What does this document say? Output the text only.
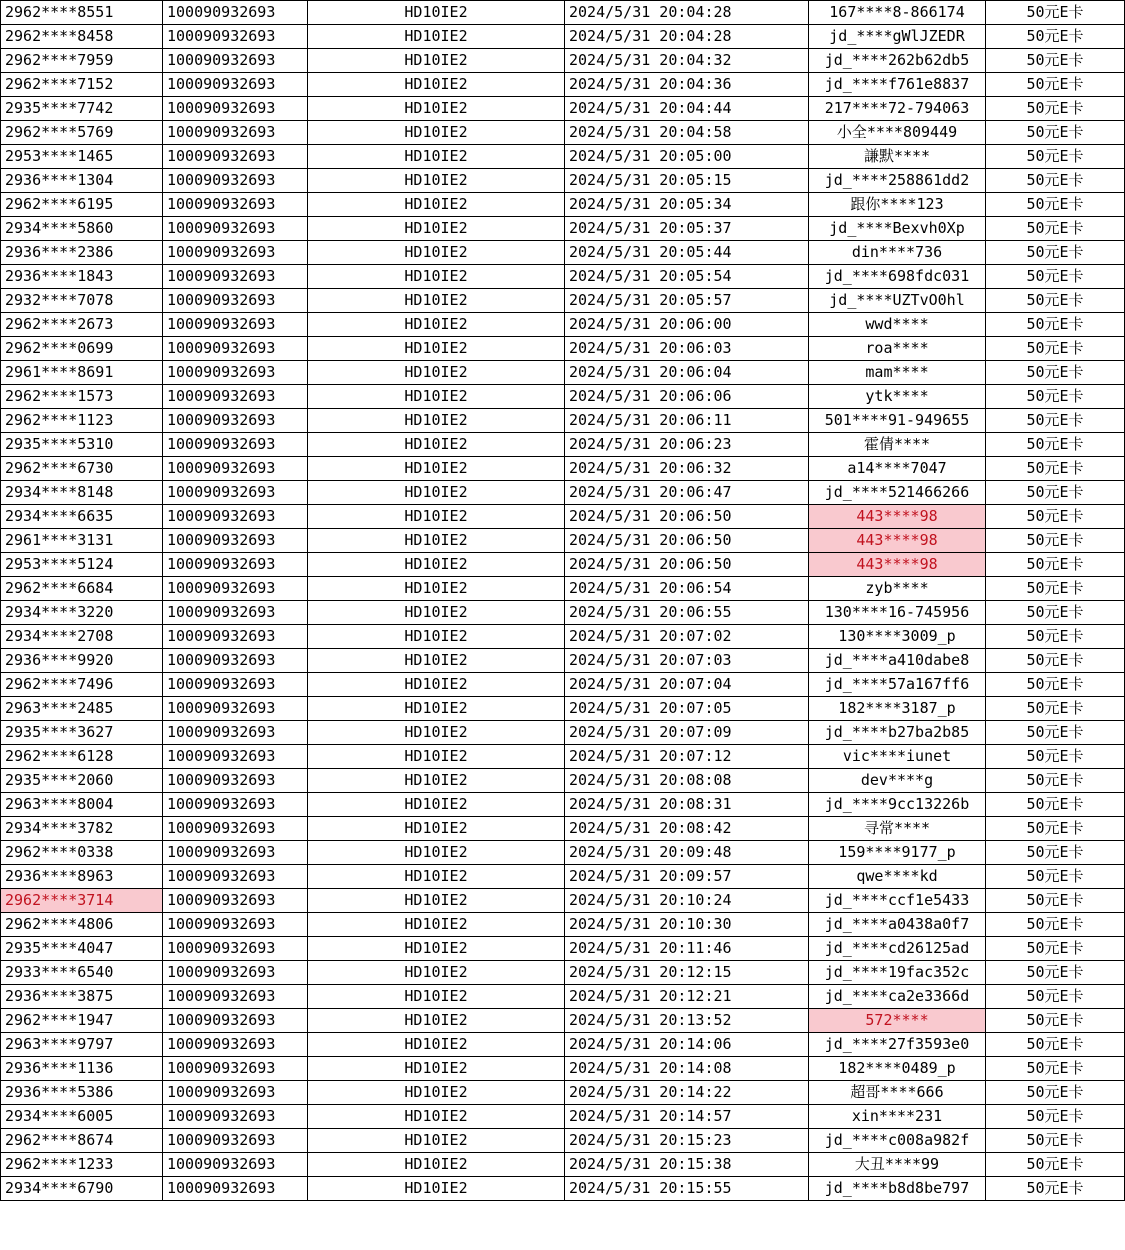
2962****8551	100090932693	HD10IE2	2024/5/31 20:04:28	167****8-866174	50元E卡
2962****8458	100090932693	HD10IE2	2024/5/31 20:04:28	jd_****gWlJZEDR	50元E卡
2962****7959	100090932693	HD10IE2	2024/5/31 20:04:32	jd_****262b62db5	50元E卡
2962****7152	100090932693	HD10IE2	2024/5/31 20:04:36	jd_****f761e8837	50元E卡
2935****7742	100090932693	HD10IE2	2024/5/31 20:04:44	217****72-794063	50元E卡
2962****5769	100090932693	HD10IE2	2024/5/31 20:04:58	小全****809449	50元E卡
2953****1465	100090932693	HD10IE2	2024/5/31 20:05:00	謙默****	50元E卡
2936****1304	100090932693	HD10IE2	2024/5/31 20:05:15	jd_****258861dd2	50元E卡
2962****6195	100090932693	HD10IE2	2024/5/31 20:05:34	跟你****123	50元E卡
2934****5860	100090932693	HD10IE2	2024/5/31 20:05:37	jd_****Bexvh0Xp	50元E卡
2936****2386	100090932693	HD10IE2	2024/5/31 20:05:44	din****736	50元E卡
2936****1843	100090932693	HD10IE2	2024/5/31 20:05:54	jd_****698fdc031	50元E卡
2932****7078	100090932693	HD10IE2	2024/5/31 20:05:57	jd_****UZTvO0hl	50元E卡
2962****2673	100090932693	HD10IE2	2024/5/31 20:06:00	wwd****	50元E卡
2962****0699	100090932693	HD10IE2	2024/5/31 20:06:03	roa****	50元E卡
2961****8691	100090932693	HD10IE2	2024/5/31 20:06:04	mam****	50元E卡
2962****1573	100090932693	HD10IE2	2024/5/31 20:06:06	ytk****	50元E卡
2962****1123	100090932693	HD10IE2	2024/5/31 20:06:11	501****91-949655	50元E卡
2935****5310	100090932693	HD10IE2	2024/5/31 20:06:23	霍倩****	50元E卡
2962****6730	100090932693	HD10IE2	2024/5/31 20:06:32	a14****7047	50元E卡
2934****8148	100090932693	HD10IE2	2024/5/31 20:06:47	jd_****521466266	50元E卡
2934****6635	100090932693	HD10IE2	2024/5/31 20:06:50	443****98	50元E卡
2961****3131	100090932693	HD10IE2	2024/5/31 20:06:50	443****98	50元E卡
2953****5124	100090932693	HD10IE2	2024/5/31 20:06:50	443****98	50元E卡
2962****6684	100090932693	HD10IE2	2024/5/31 20:06:54	zyb****	50元E卡
2934****3220	100090932693	HD10IE2	2024/5/31 20:06:55	130****16-745956	50元E卡
2934****2708	100090932693	HD10IE2	2024/5/31 20:07:02	130****3009_p	50元E卡
2936****9920	100090932693	HD10IE2	2024/5/31 20:07:03	jd_****a410dabe8	50元E卡
2962****7496	100090932693	HD10IE2	2024/5/31 20:07:04	jd_****57a167ff6	50元E卡
2963****2485	100090932693	HD10IE2	2024/5/31 20:07:05	182****3187_p	50元E卡
2935****3627	100090932693	HD10IE2	2024/5/31 20:07:09	jd_****b27ba2b85	50元E卡
2962****6128	100090932693	HD10IE2	2024/5/31 20:07:12	vic****iunet	50元E卡
2935****2060	100090932693	HD10IE2	2024/5/31 20:08:08	dev****g	50元E卡
2963****8004	100090932693	HD10IE2	2024/5/31 20:08:31	jd_****9cc13226b	50元E卡
2934****3782	100090932693	HD10IE2	2024/5/31 20:08:42	寻常****	50元E卡
2962****0338	100090932693	HD10IE2	2024/5/31 20:09:48	159****9177_p	50元E卡
2936****8963	100090932693	HD10IE2	2024/5/31 20:09:57	qwe****kd	50元E卡
2962****3714	100090932693	HD10IE2	2024/5/31 20:10:24	jd_****ccf1e5433	50元E卡
2962****4806	100090932693	HD10IE2	2024/5/31 20:10:30	jd_****a0438a0f7	50元E卡
2935****4047	100090932693	HD10IE2	2024/5/31 20:11:46	jd_****cd26125ad	50元E卡
2933****6540	100090932693	HD10IE2	2024/5/31 20:12:15	jd_****19fac352c	50元E卡
2936****3875	100090932693	HD10IE2	2024/5/31 20:12:21	jd_****ca2e3366d	50元E卡
2962****1947	100090932693	HD10IE2	2024/5/31 20:13:52	572****	50元E卡
2963****9797	100090932693	HD10IE2	2024/5/31 20:14:06	jd_****27f3593e0	50元E卡
2936****1136	100090932693	HD10IE2	2024/5/31 20:14:08	182****0489_p	50元E卡
2936****5386	100090932693	HD10IE2	2024/5/31 20:14:22	超哥****666	50元E卡
2934****6005	100090932693	HD10IE2	2024/5/31 20:14:57	xin****231	50元E卡
2962****8674	100090932693	HD10IE2	2024/5/31 20:15:23	jd_****c008a982f	50元E卡
2962****1233	100090932693	HD10IE2	2024/5/31 20:15:38	大丑****99	50元E卡
2934****6790	100090932693	HD10IE2	2024/5/31 20:15:55	jd_****b8d8be797	50元E卡
